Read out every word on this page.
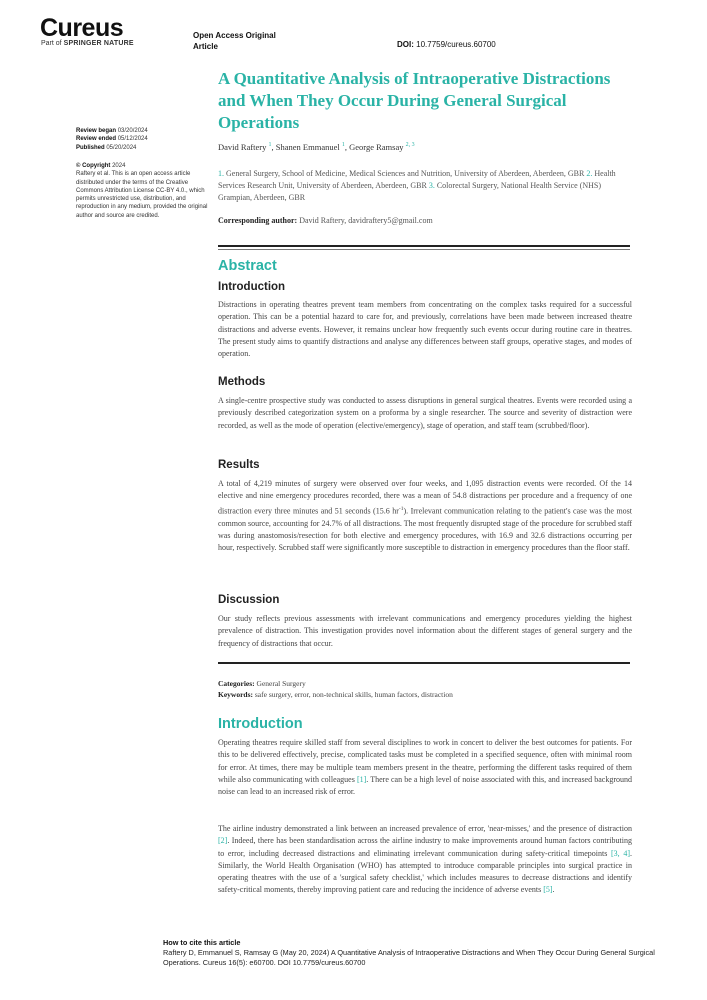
Cureus
Part of SPRINGER NATURE
Open Access Original
Article	DOI: 10.7759/cureus.60700
A Quantitative Analysis of Intraoperative Distractions and When They Occur During General Surgical Operations
David Raftery $^1$, Shanen Emmanuel $^1$, George Ramsay $^{2, 3}$
1. General Surgery, School of Medicine, Medical Sciences and Nutrition, University of Aberdeen, Aberdeen, GBR 2. Health Services Research Unit, University of Aberdeen, Aberdeen, GBR 3. Colorectal Surgery, National Health Service (NHS) Grampian, Aberdeen, GBR
Corresponding author: David Raftery, davidraftery5@gmail.com
Review began 03/20/2024
Review ended 05/12/2024
Published 05/20/2024
© Copyright 2024
Raftery et al. This is an open access article distributed under the terms of the Creative Commons Attribution License CC-BY 4.0., which permits unrestricted use, distribution, and reproduction in any medium, provided the original author and source are credited.
Abstract
Introduction
Distractions in operating theatres prevent team members from concentrating on the complex tasks required for a successful operation. This can be a potential hazard to care for, and previously, correlations have been made between increased theatre distractions and adverse events. However, it remains unclear how frequently such events occur during routine care in theatres. The present study aims to quantify distractions and analyse any differences between staff groups, operative stages, and modes of operation.
Methods
A single-centre prospective study was conducted to assess disruptions in general surgical theatres. Events were recorded using a previously described categorization system on a proforma by a single researcher. The source and severity of distraction were recorded, as well as the mode of operation (elective/emergency), stage of operation, and staff team (scrubbed/floor).
Results
A total of 4,219 minutes of surgery were observed over four weeks, and 1,095 distraction events were recorded. Of the 14 elective and nine emergency procedures recorded, there was a mean of 54.8 distractions per procedure and a frequency of one distraction every three minutes and 51 seconds (15.6 $hr^{-1}$). Irrelevant communication relating to the patient's case was the most common source, accounting for 24.7% of all distractions. The most frequently disrupted stage of the procedure for scrubbed staff was during anastomosis/resection for both elective and emergency procedures, with 16.9 and 32.6 distractions occurring per hour, respectively. Scrubbed staff were significantly more susceptible to distraction in emergency procedures than the floor staff.
Discussion
Our study reflects previous assessments with irrelevant communications and emergency procedures yielding the highest prevalence of distraction. This investigation provides novel information about the different stages of general surgery and the frequency of distractions that occur.
Categories: General Surgery
Keywords: safe surgery, error, non-technical skills, human factors, distraction
Introduction
Operating theatres require skilled staff from several disciplines to work in concert to deliver the best outcomes for patients. For this to be delivered effectively, precise, complicated tasks must be completed in a specified sequence, often with minimal room for error. At times, there may be multiple team members present in the theatre, performing the different tasks required of them while also communicating with colleagues [1]. There can be a high level of noise associated with this, and increased background noise can lead to an increased risk of error.
The airline industry demonstrated a link between an increased prevalence of error, 'near-misses,' and the presence of distraction [2]. Indeed, there has been standardisation across the airline industry to make improvements around human factors contributing to error, including decreased distractions and eliminating irrelevant communication during safety-critical timepoints [3, 4]. Similarly, the World Health Organisation (WHO) has attempted to introduce comparable principles into surgical practice in operating theatres with the use of a 'surgical safety checklist,' which includes measures to decrease distractions and identify safety-critical moments, thereby improving patient care and reducing the incidence of adverse events [5].
How to cite this article
Raftery D, Emmanuel S, Ramsay G (May 20, 2024) A Quantitative Analysis of Intraoperative Distractions and When They Occur During General Surgical Operations. Cureus 16(5): e60700. DOI 10.7759/cureus.60700
